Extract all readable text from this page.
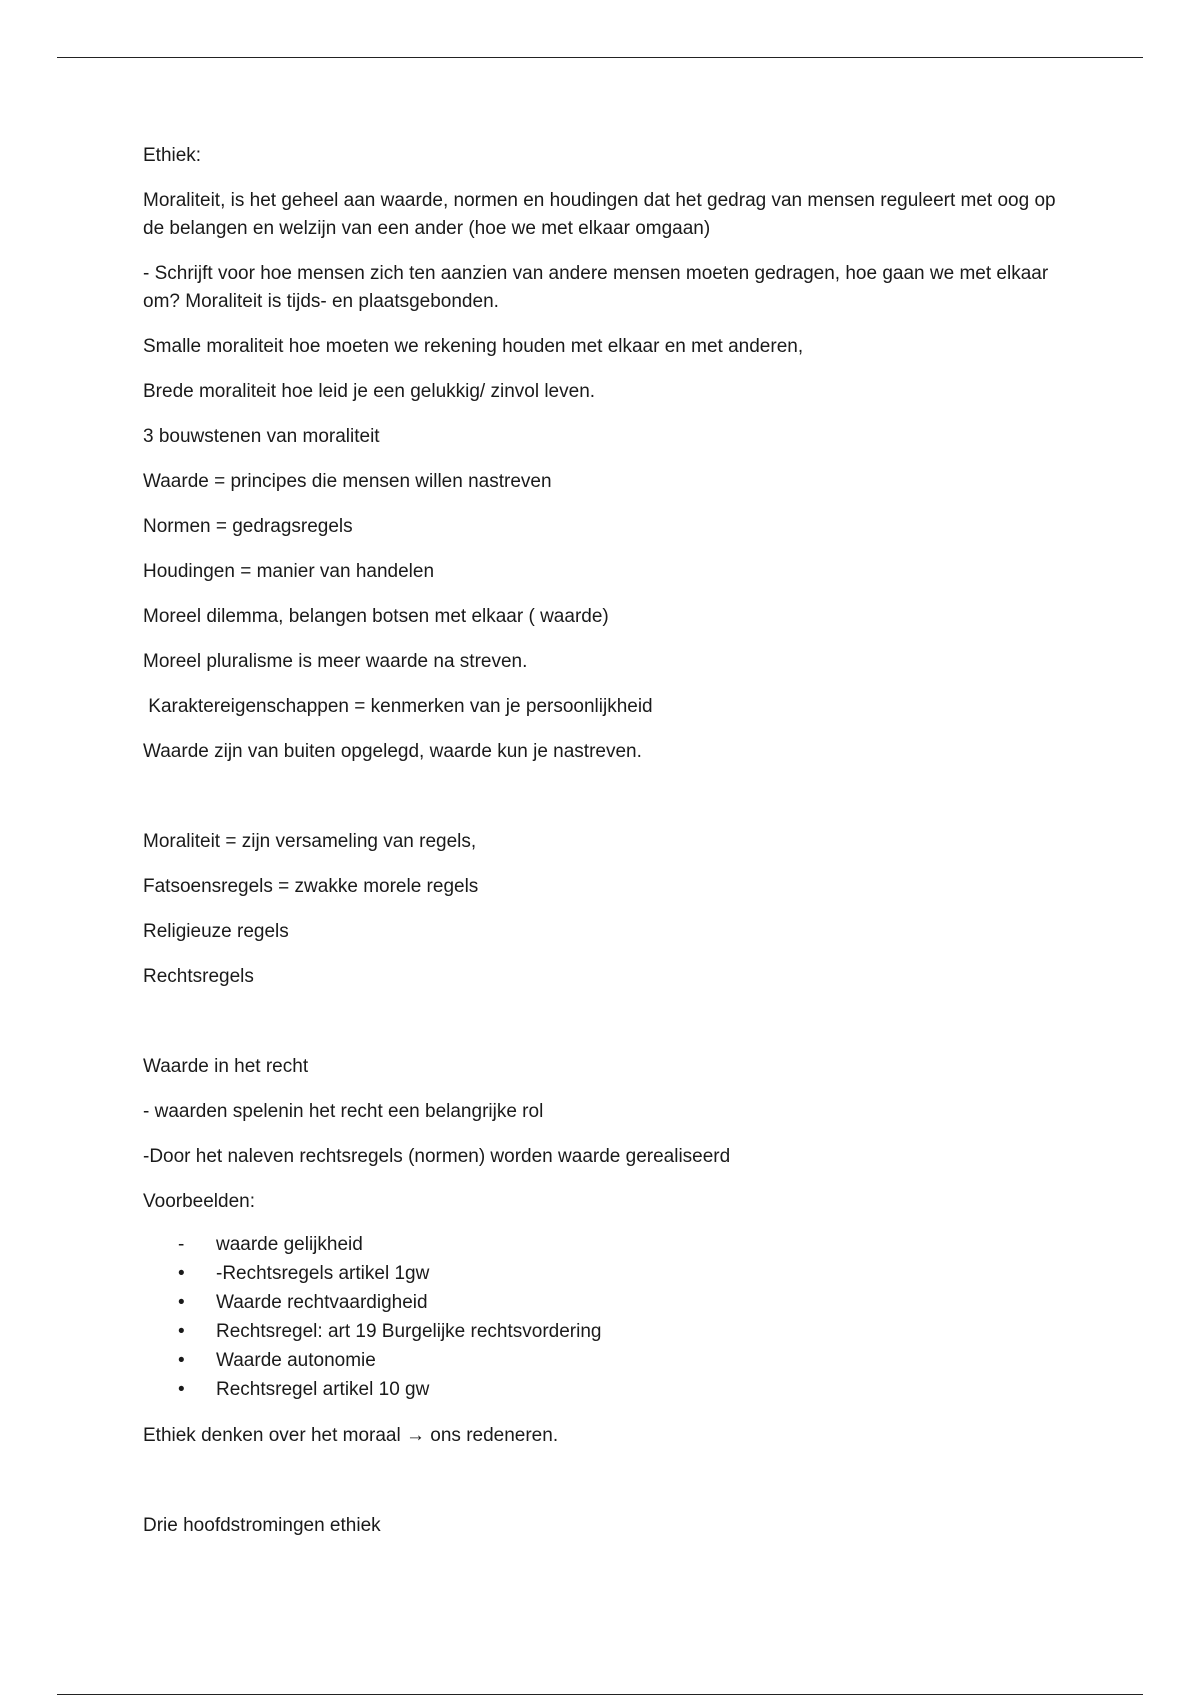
Ethiek:

Moraliteit, is het geheel aan waarde, normen en houdingen dat het gedrag van mensen reguleert met oog op de belangen en welzijn van een ander (hoe we met elkaar omgaan)

- Schrijft voor hoe mensen zich ten aanzien van andere mensen moeten gedragen, hoe gaan we met elkaar om? Moraliteit is tijds- en plaatsgebonden.

Smalle moraliteit hoe moeten we rekening houden met elkaar en met anderen,

Brede moraliteit hoe leid je een gelukkig/ zinvol leven.

3 bouwstenen van moraliteit

Waarde = principes die mensen willen nastreven

Normen = gedragsregels

Houdingen = manier van handelen

Moreel dilemma, belangen botsen met elkaar ( waarde)

Moreel pluralisme is meer waarde na streven.

Karaktereigenschappen = kenmerken van je persoonlijkheid

Waarde zijn van buiten opgelegd, waarde kun je nastreven.

Moraliteit = zijn versameling van regels,

Fatsoensregels = zwakke morele regels

Religieuze regels

Rechtsregels

Waarde in het recht

- waarden spelenin het recht een belangrijke rol

-Door het naleven rechtsregels (normen) worden waarde gerealiseerd

Voorbeelden:

-	waarde gelijkheid
•	-Rechtsregels artikel 1gw
•	Waarde rechtvaardigheid
•	Rechtsregel: art 19 Burgelijke rechtsvordering
•	Waarde autonomie
•	Rechtsregel artikel 10 gw

Ethiek denken over het moraal → ons redeneren.

Drie hoofdstromingen ethiek
